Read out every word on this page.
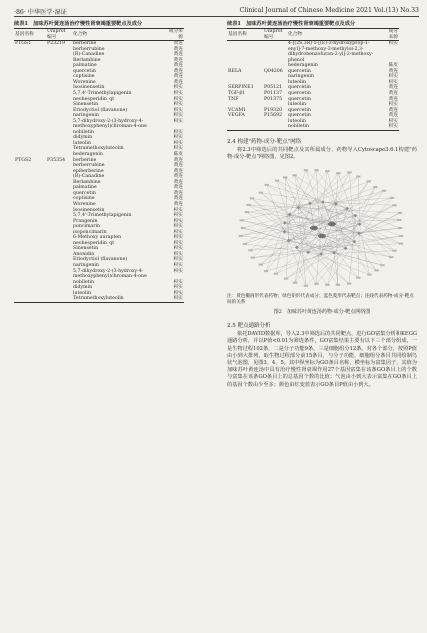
·86· 中华医学·湿证	Clinical Journal of Chinese Medicine 2021 Vol.(13) No.33
续表1　加味苏叶黄连汤治疗慢性肾衰竭重要靶点及成分
基因名称	Uniprot 编号	化合物	成分来源
PTGS1	P23219	berberine	黄连
		berberrubine	黄连
		(R)-Canadine	黄连
		Berlambine	黄连
		palmatine	黄连
		quercetin	黄连
		coptisine	黄连
		Worenine	黄连
		Isosinensetin	枳实
		5,7,4'-Trimethylapigenin	枳实
		neohesperidin_qt	枳实
		Sinensetin	枳实
		Eriodyctiol (flavanone)	枳实
		naringenin	枳实
		5,7-dihydroxy-2-(3-hydroxy-4-methoxyphenyl)chroman-4-one	枳实
		nobiletin	枳实
		didymin	枳实
		luteolin	枳实
		Tetramethoxyluteolin	枳实
		hederagenin	陈皮
PTGS2	P35354	berberine	黄连
		berberrubine	黄连
		epiberberine	黄连
		(R)-Canadine	黄连
		Berlambine	黄连
		palmatine	黄连
		quercetin	黄连
		coptisine	黄连
		Worenine	黄连
		Isosinensetin	枳实
		5,7,4'-Trimethylapigenin	枳实
		Prangenin	枳实
		poncimarin	枳实
		isoponcimarin	枳实
		6-Methoxy aurapten	枳实
		neohesperidin_qt	枳实
		Sinensetin	枳实
		Anonidin	枳实
		Eriodyctiol (flavanone)	枳实
		naringenin	枳实
		5,7-dihydroxy-2-(3-hydroxy-4-methoxyphenyl)chroman-4-one	枳实
		nobiletin	枳实
		didymin	枳实
		luteolin	枳实
		Tetramethoxyluteolin	枳实
续表1　加味苏叶黄连汤治疗慢性肾衰竭重要靶点及成分
基因名称	Uniprot 编号	化合物	成分来源
		4-[(2S,3R)-5-[(E)-3-hydroxyprop-1-enyl]-7-methoxy-3-methylol-2,3-dihydrobenzofuran-2-yl]-2-methoxy-phenol	枳实
		hederagenin	陈皮
RELA	Q04206	quercetin	黄连
		naringenin	枳实
		luteolin	枳实
SERPINE1	P05121	quercetin	黄连
TGF-β1	P01137	quercetin	黄连
TNF	P01375	quercetin	黄连
		luteolin	枳实
VCAM1	P19320	quercetin	黄连
VEGFA	P15692	quercetin	黄连
		luteolin	枳实
		nobiletin	枳实
2.4 构建"药物-成分-靶点"网络
将2.3中筛选后的共同靶点及其所属成分、药物导入Cytoscape3.6.1构建"药物-成分-靶点"网络图，见图2。
注：黄色椭圆形代表药物；绿色矩形代表成分；蓝色菱形代表靶点；连线代表药物-成分-靶点间的关系
图2　加味苏叶黄连汤药物-成分-靶点网络图
2.5 靶点通路分析
依托DAVID数据库，导入2.3中筛选后的共同靶点，进行GO富集分析和KEGG通路分析，并以P值<0.01为筛选条件，GO富集结果主要有以下三个部分组成，一是生物过程102条，二是分子功能9条，三是细胞组分12条。对各个部分，按照P值由小到大排列，取生物过程部分前15条目，与分子功能、细胞组分条目共同绘制鸟状气泡图，见图3、4、5。其中纵坐标为GO条目名称，横坐标为富集因子，其值为加味苏叶黄连汤中具有治疗慢性肾衰竭作用27个基因富集在该条GO条目上的个数与富集在该条GO条目上的总基因个数的比值；气泡由小到大表示富集在GO条目上的基因个数由少至多；颜色由红变蓝表示GO条目P值由小到大。
